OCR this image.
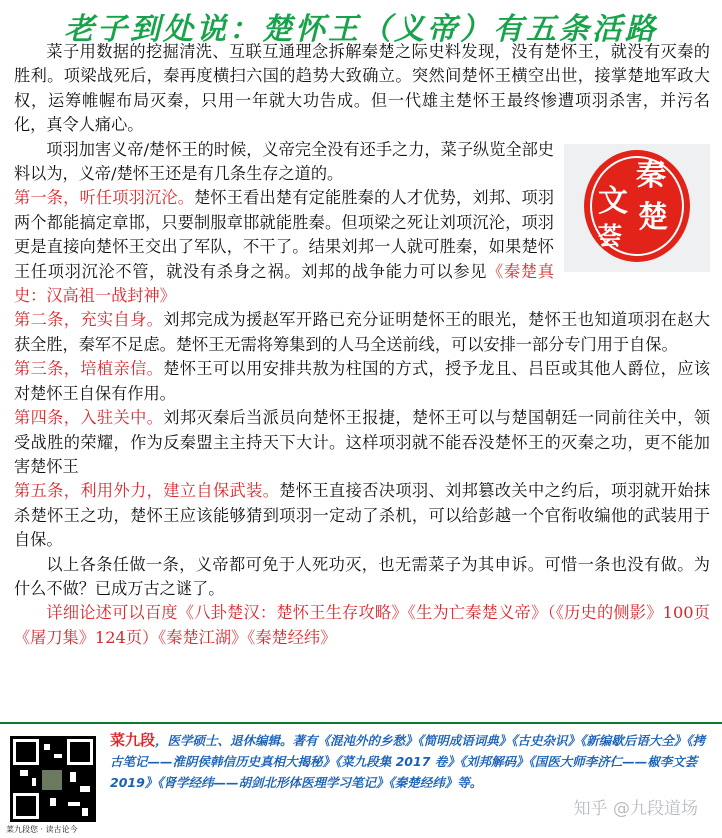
老子到处说：楚怀王（义帝）有五条活路

菜子用数据的挖掘清洗、互联互通理念拆解秦楚之际史料发现，没有楚怀王，就没有灭秦的胜利。项梁战死后，秦再度横扫六国的趋势大致确立。突然间楚怀王横空出世，接掌楚地军政大权，运筹帷幄布局灭秦，只用一年就大功告成。但一代雄主楚怀王最终惨遭项羽杀害，并污名化，真令人痛心。

文
秦
荟
楚

项羽加害义帝/楚怀王的时候，义帝完全没有还手之力，菜子纵览全部史料以为，义帝/楚怀王还是有几条生存之道的。

第一条，听任项羽沉沦。楚怀王看出楚有定能胜秦的人才优势，刘邦、项羽两个都能搞定章邯，只要制服章邯就能胜秦。但项梁之死让刘项沉沦，项羽更是直接向楚怀王交出了军队，不干了。结果刘邦一人就可胜秦，如果楚怀王任项羽沉沦不管，就没有杀身之祸。刘邦的战争能力可以参见《秦楚真史：汉高祖一战封神》

第二条，充实自身。刘邦完成为援赵军开路已充分证明楚怀王的眼光，楚怀王也知道项羽在赵大获全胜，秦军不足虑。楚怀王无需将筹集到的人马全送前线，可以安排一部分专门用于自保。

第三条，培植亲信。楚怀王可以用安排共敖为柱国的方式，授予龙且、吕臣或其他人爵位，应该对楚怀王自保有作用。

第四条，入驻关中。刘邦灭秦后当派员向楚怀王报捷，楚怀王可以与楚国朝廷一同前往关中，领受战胜的荣耀，作为反秦盟主主持天下大计。这样项羽就不能吞没楚怀王的灭秦之功，更不能加害楚怀王

第五条，利用外力，建立自保武装。楚怀王直接否决项羽、刘邦篡改关中之约后，项羽就开始抹杀楚怀王之功，楚怀王应该能够猜到项羽一定动了杀机，可以给彭越一个官衔收编他的武装用于自保。

以上各条任做一条，义帝都可免于人死功灭，也无需菜子为其申诉。可惜一条也没有做。为什么不做？已成万古之谜了。

详细论述可以百度《八卦楚汉：楚怀王生存攻略》《生为亡秦楚义帝》（《历史的侧影》100页《屠刀集》124页）《秦楚江湖》《秦楚经纬》

菜九段您 · 读古论今
菜九段，医学硕士、退休编辑。著有《混沌外的乡愁》《简明成语词典》《古史杂识》《新编歇后语大全》《拷古笔记——淮阴侯韩信历史真相大揭秘》《菜九段集 2017 卷》《刘邦解码》《国医大师李济仁——椒李文荟 2019》《肾学经纬——胡剑北形体医理学习笔记》《秦楚经纬》等。
知乎 @九段道场
